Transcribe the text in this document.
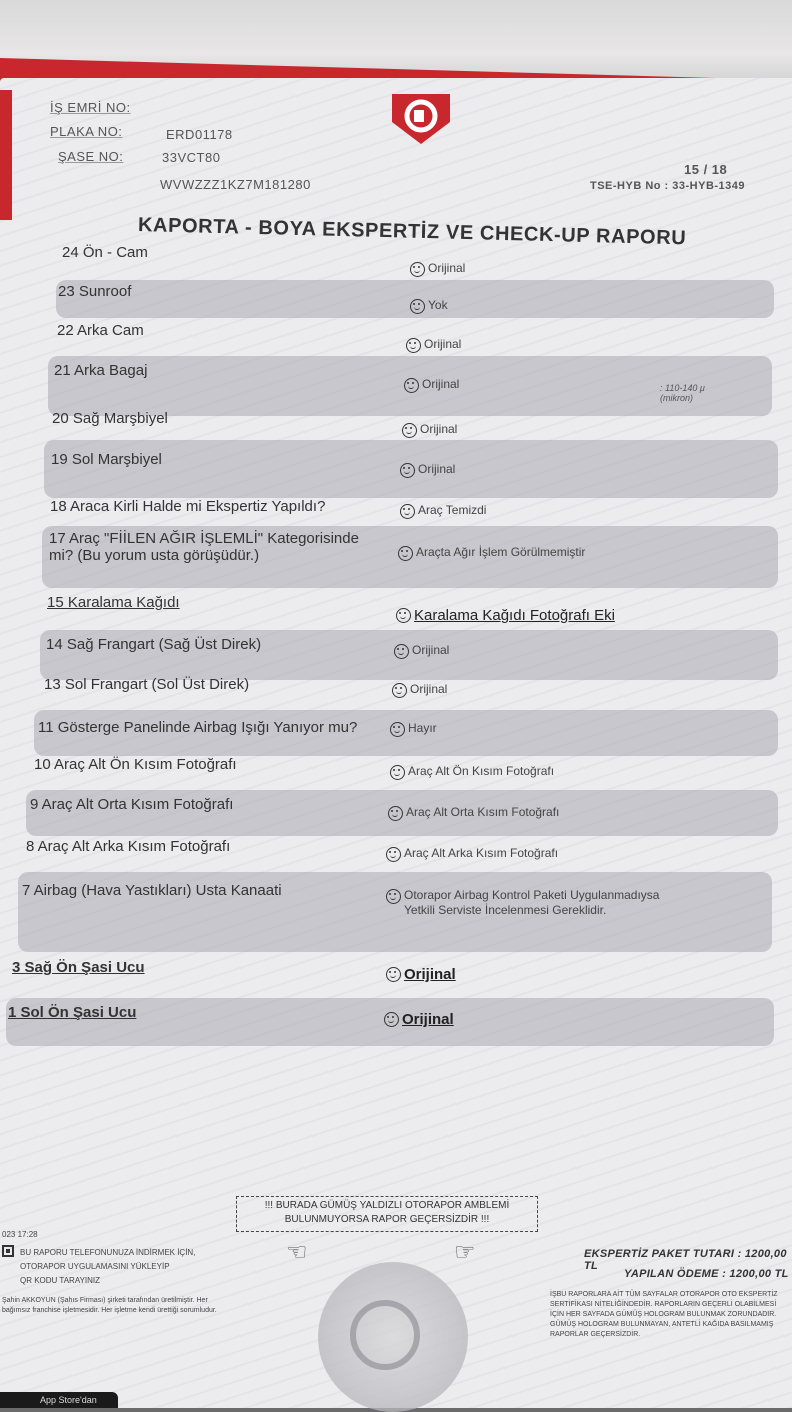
İŞ EMRİ NO:
PLAKA NO:	ERD01178
ŞASE NO:	33VCT80
WVWZZZ1KZ7M181280
15 / 18
TSE-HYB No : 33-HYB-1349
KAPORTA - BOYA EKSPERTİZ VE CHECK-UP RAPORU
24 Ön - Cam
Orijinal
23 Sunroof
Yok
22 Arka Cam
Orijinal
21 Arka Bagaj
Orijinal	: 110-140 μ (mikron)
20 Sağ Marşbiyel
Orijinal
19 Sol Marşbiyel
Orijinal
18 Araca Kirli Halde mi Ekspertiz Yapıldı?	Araç Temizdi
17 Araç "FİİLEN AĞIR İŞLEMLİ" Kategorisinde mi? (Bu yorum usta görüşüdür.)	Araçta Ağır İşlem Görülmemiştir
15 Karalama Kağıdı
Karalama Kağıdı Fotoğrafı Eki
14 Sağ Frangart (Sağ Üst Direk)	Orijinal
13 Sol Frangart (Sol Üst Direk)	Orijinal
11 Gösterge Panelinde Airbag Işığı Yanıyor mu?	Hayır
10 Araç Alt Ön Kısım Fotoğrafı	Araç Alt Ön Kısım Fotoğrafı
9 Araç Alt Orta Kısım Fotoğrafı	Araç Alt Orta Kısım Fotoğrafı
8 Araç Alt Arka Kısım Fotoğrafı	Araç Alt Arka Kısım Fotoğrafı
7 Airbag (Hava Yastıkları) Usta Kanaati	Otorapor Airbag Kontrol Paketi Uygulanmadıysa Yetkili Serviste İncelenmesi Gereklidir.
3 Sağ Ön Şasi Ucu	Orijinal
1 Sol Ön Şasi Ucu	Orijinal
!!! BURADA GÜMÜŞ YALDIZLI OTORAPOR AMBLEMİ
BULUNMUYORSA RAPOR GEÇERSİZDİR !!!
023 17:28
BU RAPORU TELEFONUNUZA İNDİRMEK İÇİN,
OTORAPOR UYGULAMASINI YÜKLEYİP
QR KODU TARAYINIZ
Şahin AKKOYUN (Şahıs Firması) şirketi tarafından üretilmiştir. Her bağımsız franchise işletmesidir. Her işletme kendi ürettiği sorumludur.
☜	☞	EKSPERTİZ PAKET TUTARI : 1200,00 TL
YAPILAN ÖDEME : 1200,00 TL
İŞBU RAPORLARA AİT TÜM SAYFALAR OTORAPOR OTO EKSPERTİZ SERTİFİKASI NİTELİĞİNDEDİR. RAPORLARIN GEÇERLİ OLABİLMESİ İÇİN HER SAYFADA GÜMÜŞ HOLOGRAM BULUNMAK ZORUNDADIR. GÜMÜŞ HOLOGRAM BULUNMAYAN, ANTETLİ KAĞIDA BASILMAMIŞ RAPORLAR GEÇERSİZDİR.
App Store'dan
